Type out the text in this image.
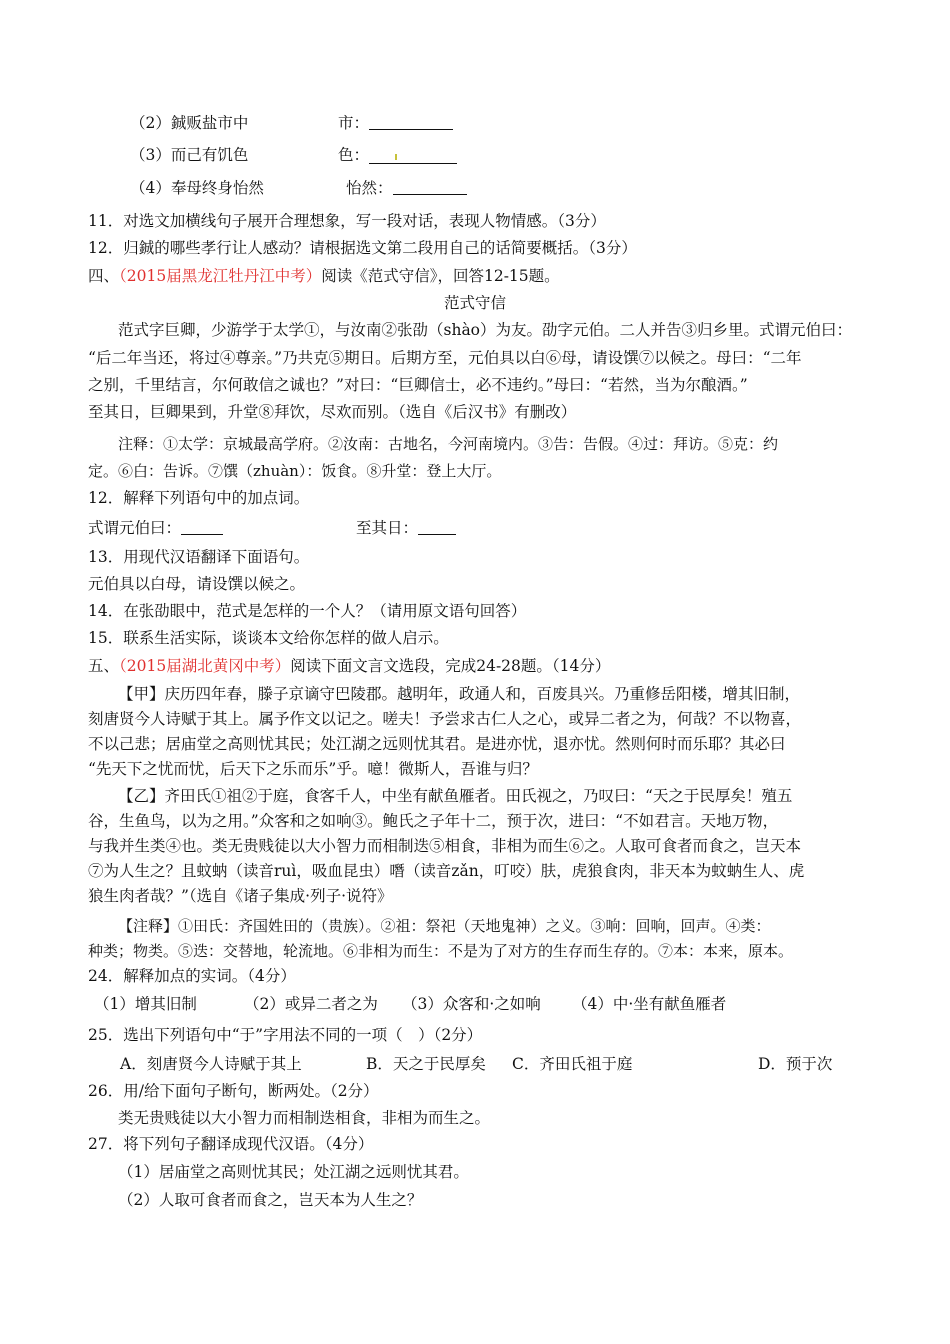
（2）鋮贩盐市中	市：
（3）而己有饥色	色：
（4）奉母终身怡然	怡然：
11．对选文加横线句子展开合理想象，写一段对话，表现人物情感。（3分）
12．归鋮的哪些孝行让人感动？请根据选文第二段用自己的话简要概括。（3分）
四、（2015届黑龙江牡丹江中考）阅读《范式守信》，回答12-15题。
范式守信
范式字巨卿，少游学于太学①，与汝南②张劭（shào）为友。劭字元伯。二人并告③归乡里。式谓元伯曰：
“后二年当还，将过④尊亲。”乃共克⑤期日。后期方至，元伯具以白⑥母，请设馔⑦以候之。母曰：“二年
之别，千里结言，尔何敢信之诚也？”对曰：“巨卿信士，必不违约。”母曰：“若然，当为尔酿酒。”
至其日，巨卿果到，升堂⑧拜饮，尽欢而别。（选自《后汉书》有删改）
注释：①太学：京城最高学府。②汝南：古地名，今河南境内。③告：告假。④过：拜访。⑤克：约
定。⑥白：告诉。⑦馔（zhuàn）：饭食。⑧升堂：登上大厅。
12．解释下列语句中的加点词。
式谓元伯曰：	至其日：
13．用现代汉语翻译下面语句。
元伯具以白母，请设馔以候之。
14．在张劭眼中，范式是怎样的一个人？（请用原文语句回答）
15．联系生活实际，谈谈本文给你怎样的做人启示。
五、（2015届湖北黄冈中考）阅读下面文言文选段，完成24-28题。（14分）
【甲】庆历四年春，滕子京谪守巴陵郡。越明年，政通人和，百废具兴。乃重修岳阳楼，增其旧制，
刻唐贤今人诗赋于其上。属予作文以记之。嗟夫！予尝求古仁人之心，或异二者之为，何哉？不以物喜，
不以己悲；居庙堂之高则忧其民；处江湖之远则忧其君。是进亦忧，退亦忧。然则何时而乐耶？其必曰
“先天下之忧而忧，后天下之乐而乐”乎。噫！微斯人，吾谁与归？
【乙】齐田氏①祖②于庭，食客千人，中坐有献鱼雁者。田氏视之，乃叹曰：“天之于民厚矣！殖五
谷，生鱼鸟，以为之用。”众客和之如响③。鲍氏之子年十二，预于次，进曰：“不如君言。天地万物，
与我并生类④也。类无贵贱徒以大小智力而相制迭⑤相食，非相为而生⑥之。人取可食者而食之，岂天本
⑦为人生之？且蚊蚋（读音ruì，吸血昆虫）噆（读音zǎn，叮咬）肤，虎狼食肉，非天本为蚊蚋生人、虎
狼生肉者哉？”（选自《诸子集成·列子·说符》
【注释】①田氏：齐国姓田的（贵族）。②祖：祭祀（天地鬼神）之义。③响：回响，回声。④类：
种类；物类。⑤迭：交替地，轮流地。⑥非相为而生：不是为了对方的生存而生存的。⑦本：本来，原本。
24．解释加点的实词。（4分）
（1）增其旧制	（2）或异二者之为 （3）众客和·之如响 （4）中·坐有献鱼雁者
25．选出下列语句中“于”字用法不同的一项（　）（2分）
A．刻唐贤今人诗赋于其上	B．天之于民厚矣 C．齐田氏祖于庭	D．预于次
26．用/给下面句子断句，断两处。（2分）
类无贵贱徒以大小智力而相制迭相食，非相为而生之。
27．将下列句子翻译成现代汉语。（4分）
（1）居庙堂之高则忧其民；处江湖之远则忧其君。
（2）人取可食者而食之，岂天本为人生之？
